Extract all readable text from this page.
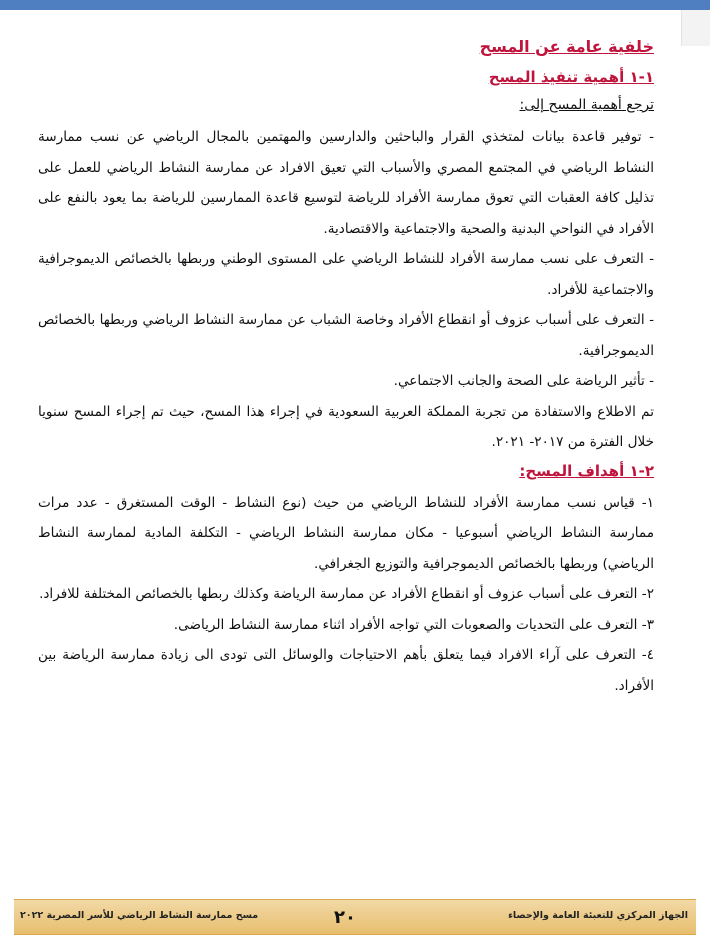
خلفية عامة عن المسح

١-١ أهمية تنفيذ المسح

ترجع أهمية المسح إلى:

- توفير قاعدة بيانات لمتخذي القرار والباحثين والدارسين والمهتمين بالمجال الرياضي عن نسب ممارسة النشاط الرياضي في المجتمع المصري والأسباب التي تعيق الافراد عن ممارسة النشاط الرياضي للعمل على تذليل كافة العقبات التي تعوق ممارسة الأفراد للرياضة لتوسيع قاعدة الممارسين للرياضة بما يعود بالنفع على الأفراد في النواحي البدنية والصحية والاجتماعية والاقتصادية.

- التعرف على نسب ممارسة الأفراد للنشاط الرياضي على المستوى الوطني وربطها بالخصائص الديموجرافية والاجتماعية للأفراد.

- التعرف على أسباب عزوف أو انقطاع الأفراد وخاصة الشباب عن ممارسة النشاط الرياضي وربطها بالخصائص الديموجرافية.

- تأثير الرياضة على الصحة والجانب الاجتماعي.

تم الاطلاع والاستفادة من تجربة المملكة العربية السعودية في إجراء هذا المسح، حيث تم إجراء المسح سنويا خلال الفترة من ٢٠١٧- ٢٠٢١.

٢-١ أهداف المسح:

١- قياس نسب ممارسة الأفراد للنشاط الرياضي من حيث (نوع النشاط - الوقت المستغرق - عدد مرات ممارسة النشاط الرياضي أسبوعيا - مكان ممارسة النشاط الرياضي - التكلفة المادية لممارسة النشاط الرياضي) وربطها بالخصائص الديموجرافية والتوزيع الجغرافي.

٢- التعرف على أسباب عزوف أو انقطاع الأفراد عن ممارسة الرياضة وكذلك ربطها بالخصائص المختلفة للافراد.

٣- التعرف على التحديات والصعوبات التي تواجه الأفراد اثناء ممارسة النشاط الرياضى.

٤- التعرف على آراء الافراد فيما يتعلق بأهم الاحتياجات والوسائل التى تودى الى زيادة ممارسة الرياضة بين الأفراد.

الجهاز المركزي للتعبئة العامة والإحصاء
مسح ممارسة النشاط الرياضي للأسر المصرية ٢٠٢٢	٢٠
